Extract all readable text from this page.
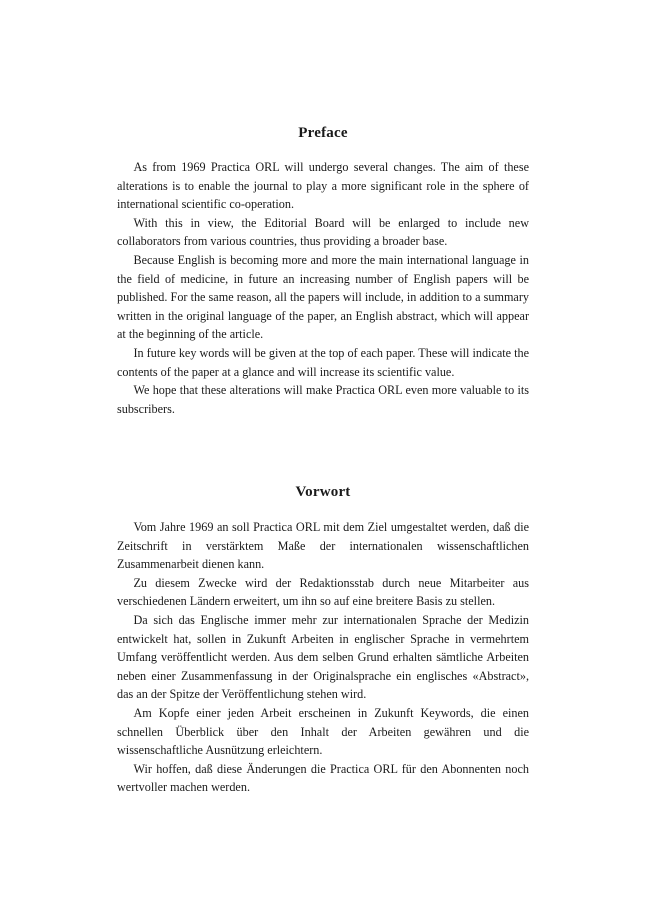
Preface

As from 1969 Practica ORL will undergo several changes. The aim of these alterations is to enable the journal to play a more significant role in the sphere of international scientific co-operation.

With this in view, the Editorial Board will be enlarged to include new collaborators from various countries, thus providing a broader base.

Because English is becoming more and more the main international language in the field of medicine, in future an increasing number of English papers will be published. For the same reason, all the papers will include, in addition to a summary written in the original language of the paper, an English abstract, which will appear at the beginning of the article.

In future key words will be given at the top of each paper. These will indicate the contents of the paper at a glance and will increase its scientific value.

We hope that these alterations will make Practica ORL even more valuable to its subscribers.

Vorwort

Vom Jahre 1969 an soll Practica ORL mit dem Ziel umgestaltet werden, daß die Zeitschrift in verstärktem Maße der internationalen wissenschaftlichen Zusammenarbeit dienen kann.

Zu diesem Zwecke wird der Redaktionsstab durch neue Mitarbeiter aus verschiedenen Ländern erweitert, um ihn so auf eine breitere Basis zu stellen.

Da sich das Englische immer mehr zur internationalen Sprache der Medizin entwickelt hat, sollen in Zukunft Arbeiten in englischer Sprache in vermehrtem Umfang veröffentlicht werden. Aus dem selben Grund erhalten sämtliche Arbeiten neben einer Zusammenfassung in der Originalsprache ein englisches «Abstract», das an der Spitze der Veröffentlichung stehen wird.

Am Kopfe einer jeden Arbeit erscheinen in Zukunft Keywords, die einen schnellen Überblick über den Inhalt der Arbeiten gewähren und die wissenschaftliche Ausnützung erleichtern.

Wir hoffen, daß diese Änderungen die Practica ORL für den Abonnenten noch wertvoller machen werden.
